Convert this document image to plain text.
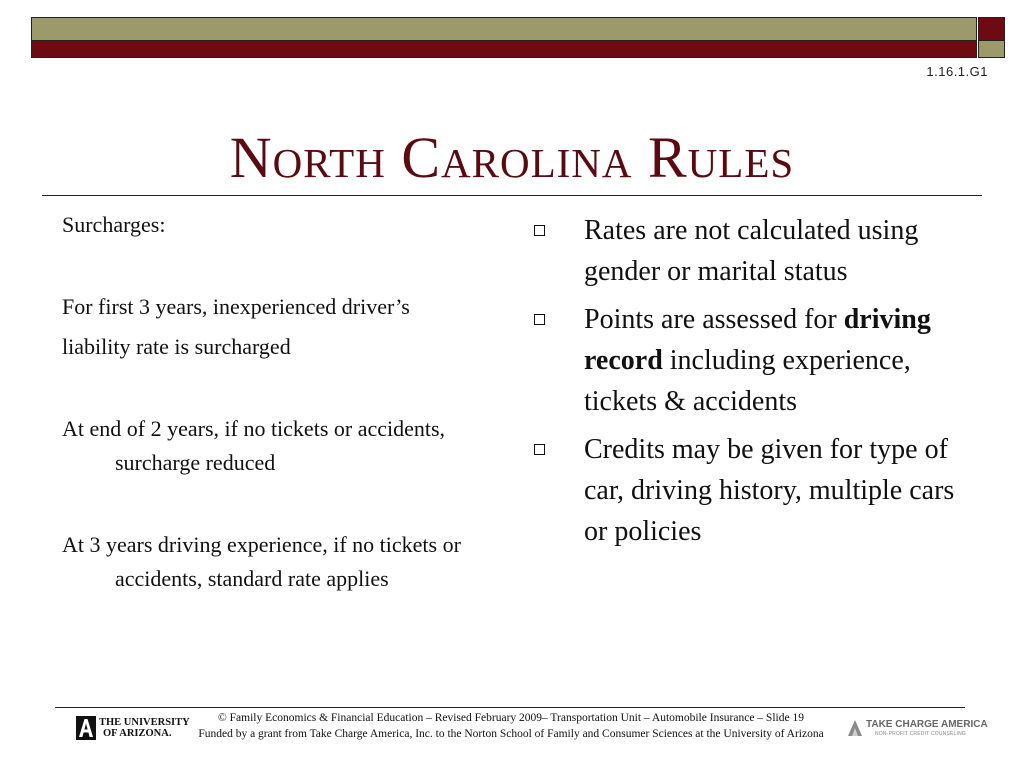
1.16.1.G1
North Carolina Rules

Surcharges:

For first 3 years, inexperienced driver’s

liability rate is surcharged

At end of 2 years, if no tickets or accidents, surcharge reduced

At 3 years driving experience, if no tickets or accidents, standard rate applies

Rates are not calculated using gender or marital status
Points are assessed for driving record including experience, tickets & accidents
Credits may be given for type of car, driving history, multiple cars or policies
THE UNIVERSITY
OF ARIZONA.
© Family Economics & Financial Education – Revised February 2009– Transportation Unit – Automobile Insurance – Slide 19
Funded by a grant from Take Charge America, Inc. to the Norton School of Family and Consumer Sciences at the University of Arizona
TAKE CHARGE AMERICA
NON-PROFIT CREDIT COUNSELING
